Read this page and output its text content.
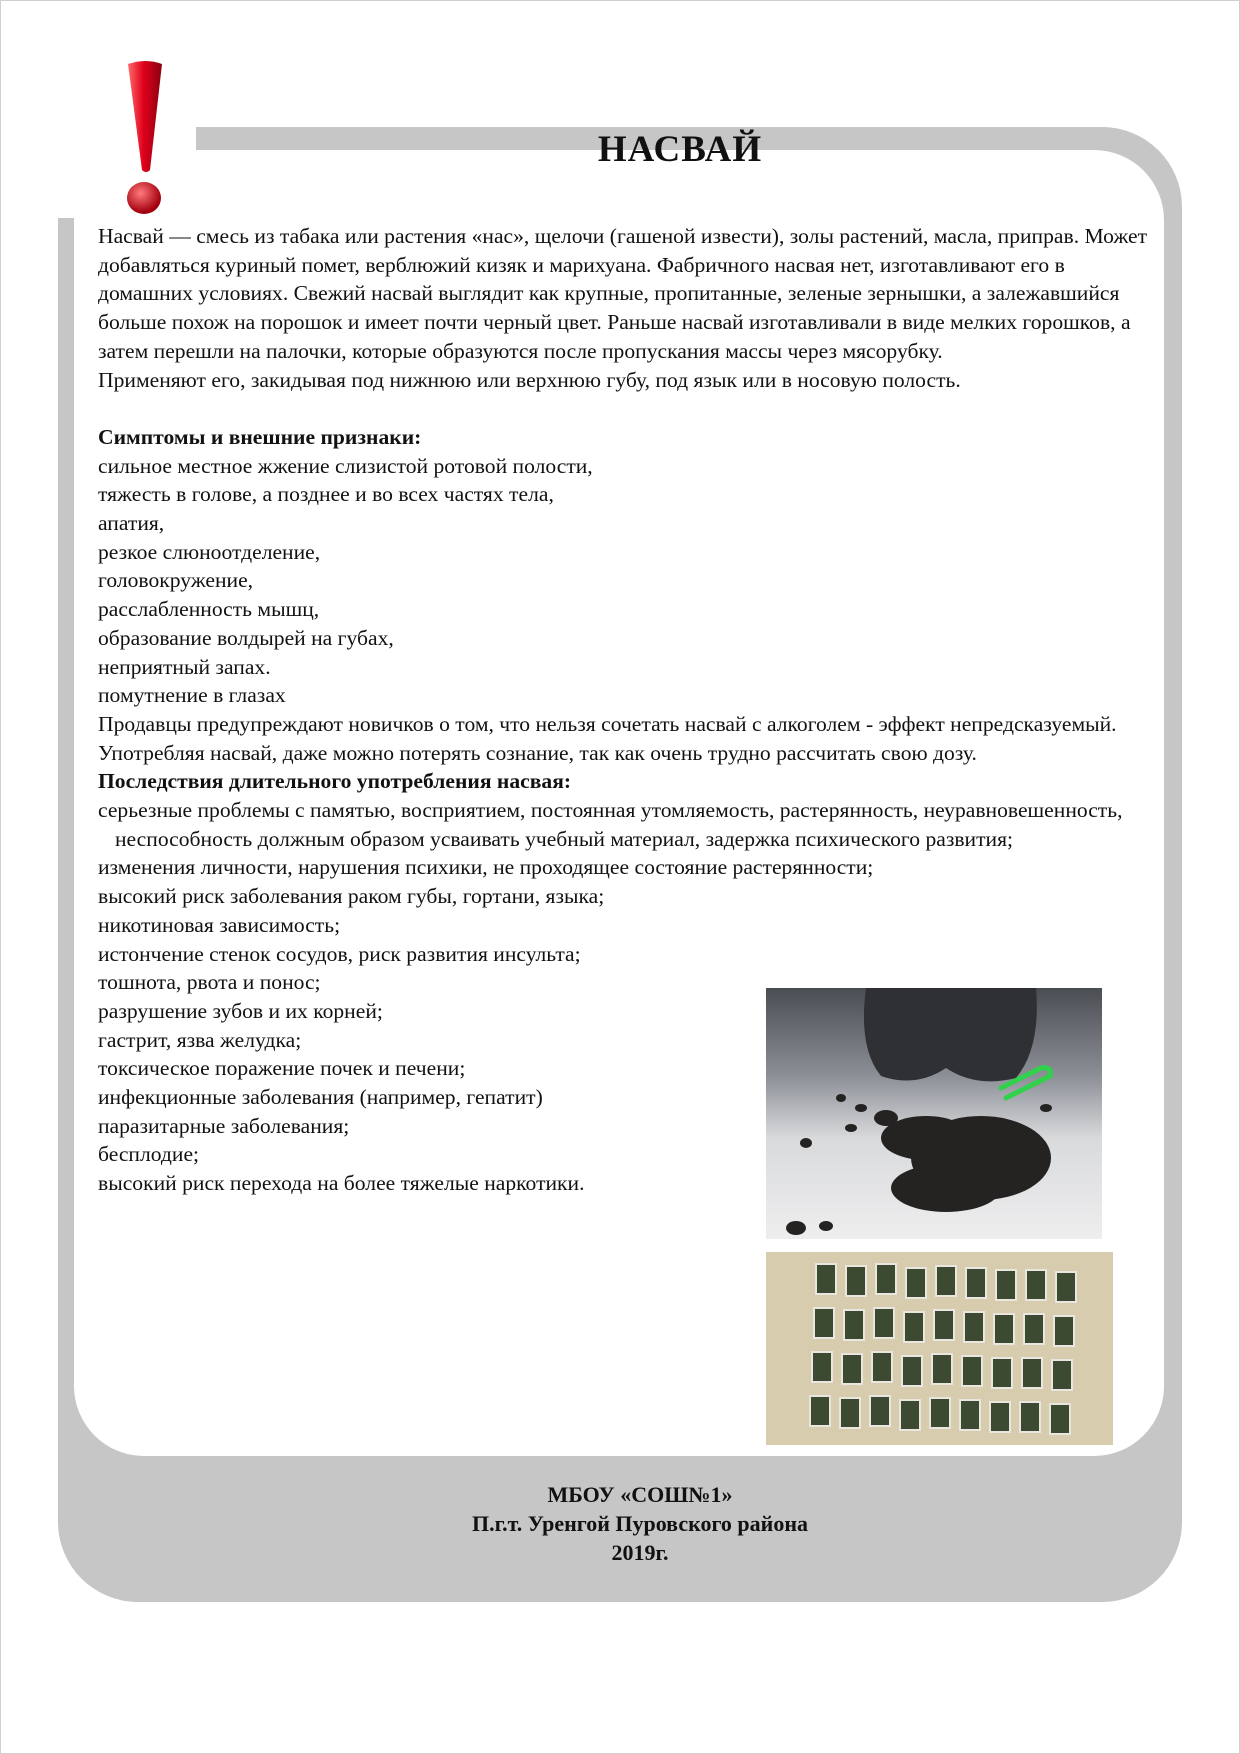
НАСВАЙ

Насвай — смесь из табака или растения «нас», щелочи (гашеной извести), золы растений, масла, приправ. Может добавляться куриный помет, верблюжий кизяк и марихуана. Фабричного насвая нет, изготавливают его в домашних условиях. Свежий насвай выглядит как крупные, пропитанные, зеленые зернышки, а залежавшийся больше похож на порошок и имеет почти черный цвет. Раньше насвай изготавливали в виде мелких горошков, а затем перешли на палочки, которые образуются после пропускания массы через мясорубку.

Применяют его, закидывая под нижнюю или верхнюю губу, под язык или в носовую полость.

Симптомы и внешние признаки:

сильное местное жжение слизистой ротовой полости,
тяжесть в голове, а позднее и во всех частях тела,
апатия,
резкое слюноотделение,
головокружение,
расслабленность мышц,
образование волдырей на губах,
неприятный запах.
помутнение в глазах

Продавцы предупреждают новичков о том, что нельзя сочетать насвай с алкоголем - эффект непредсказуемый. Употребляя насвай, даже можно потерять сознание, так как очень трудно рассчитать свою дозу.

Последствия длительного употребления насвая:

серьезные проблемы с памятью, восприятием, постоянная утомляемость, растерянность, неуравновешенность, неспособность должным образом усваивать учебный материал, задержка психического развития;
изменения личности, нарушения психики, не проходящее состояние растерянности;
высокий риск заболевания раком губы, гортани, языка;
никотиновая зависимость;
истончение стенок сосудов, риск развития инсульта;
тошнота, рвота и понос;
разрушение зубов и их корней;
гастрит, язва желудка;
токсическое поражение почек и печени;
инфекционные заболевания (например, гепатит)
паразитарные заболевания;
бесплодие;
высокий риск перехода на более тяжелые наркотики.
МБОУ «СОШ№1»
П.г.т. Уренгой Пуровского района
2019г.
